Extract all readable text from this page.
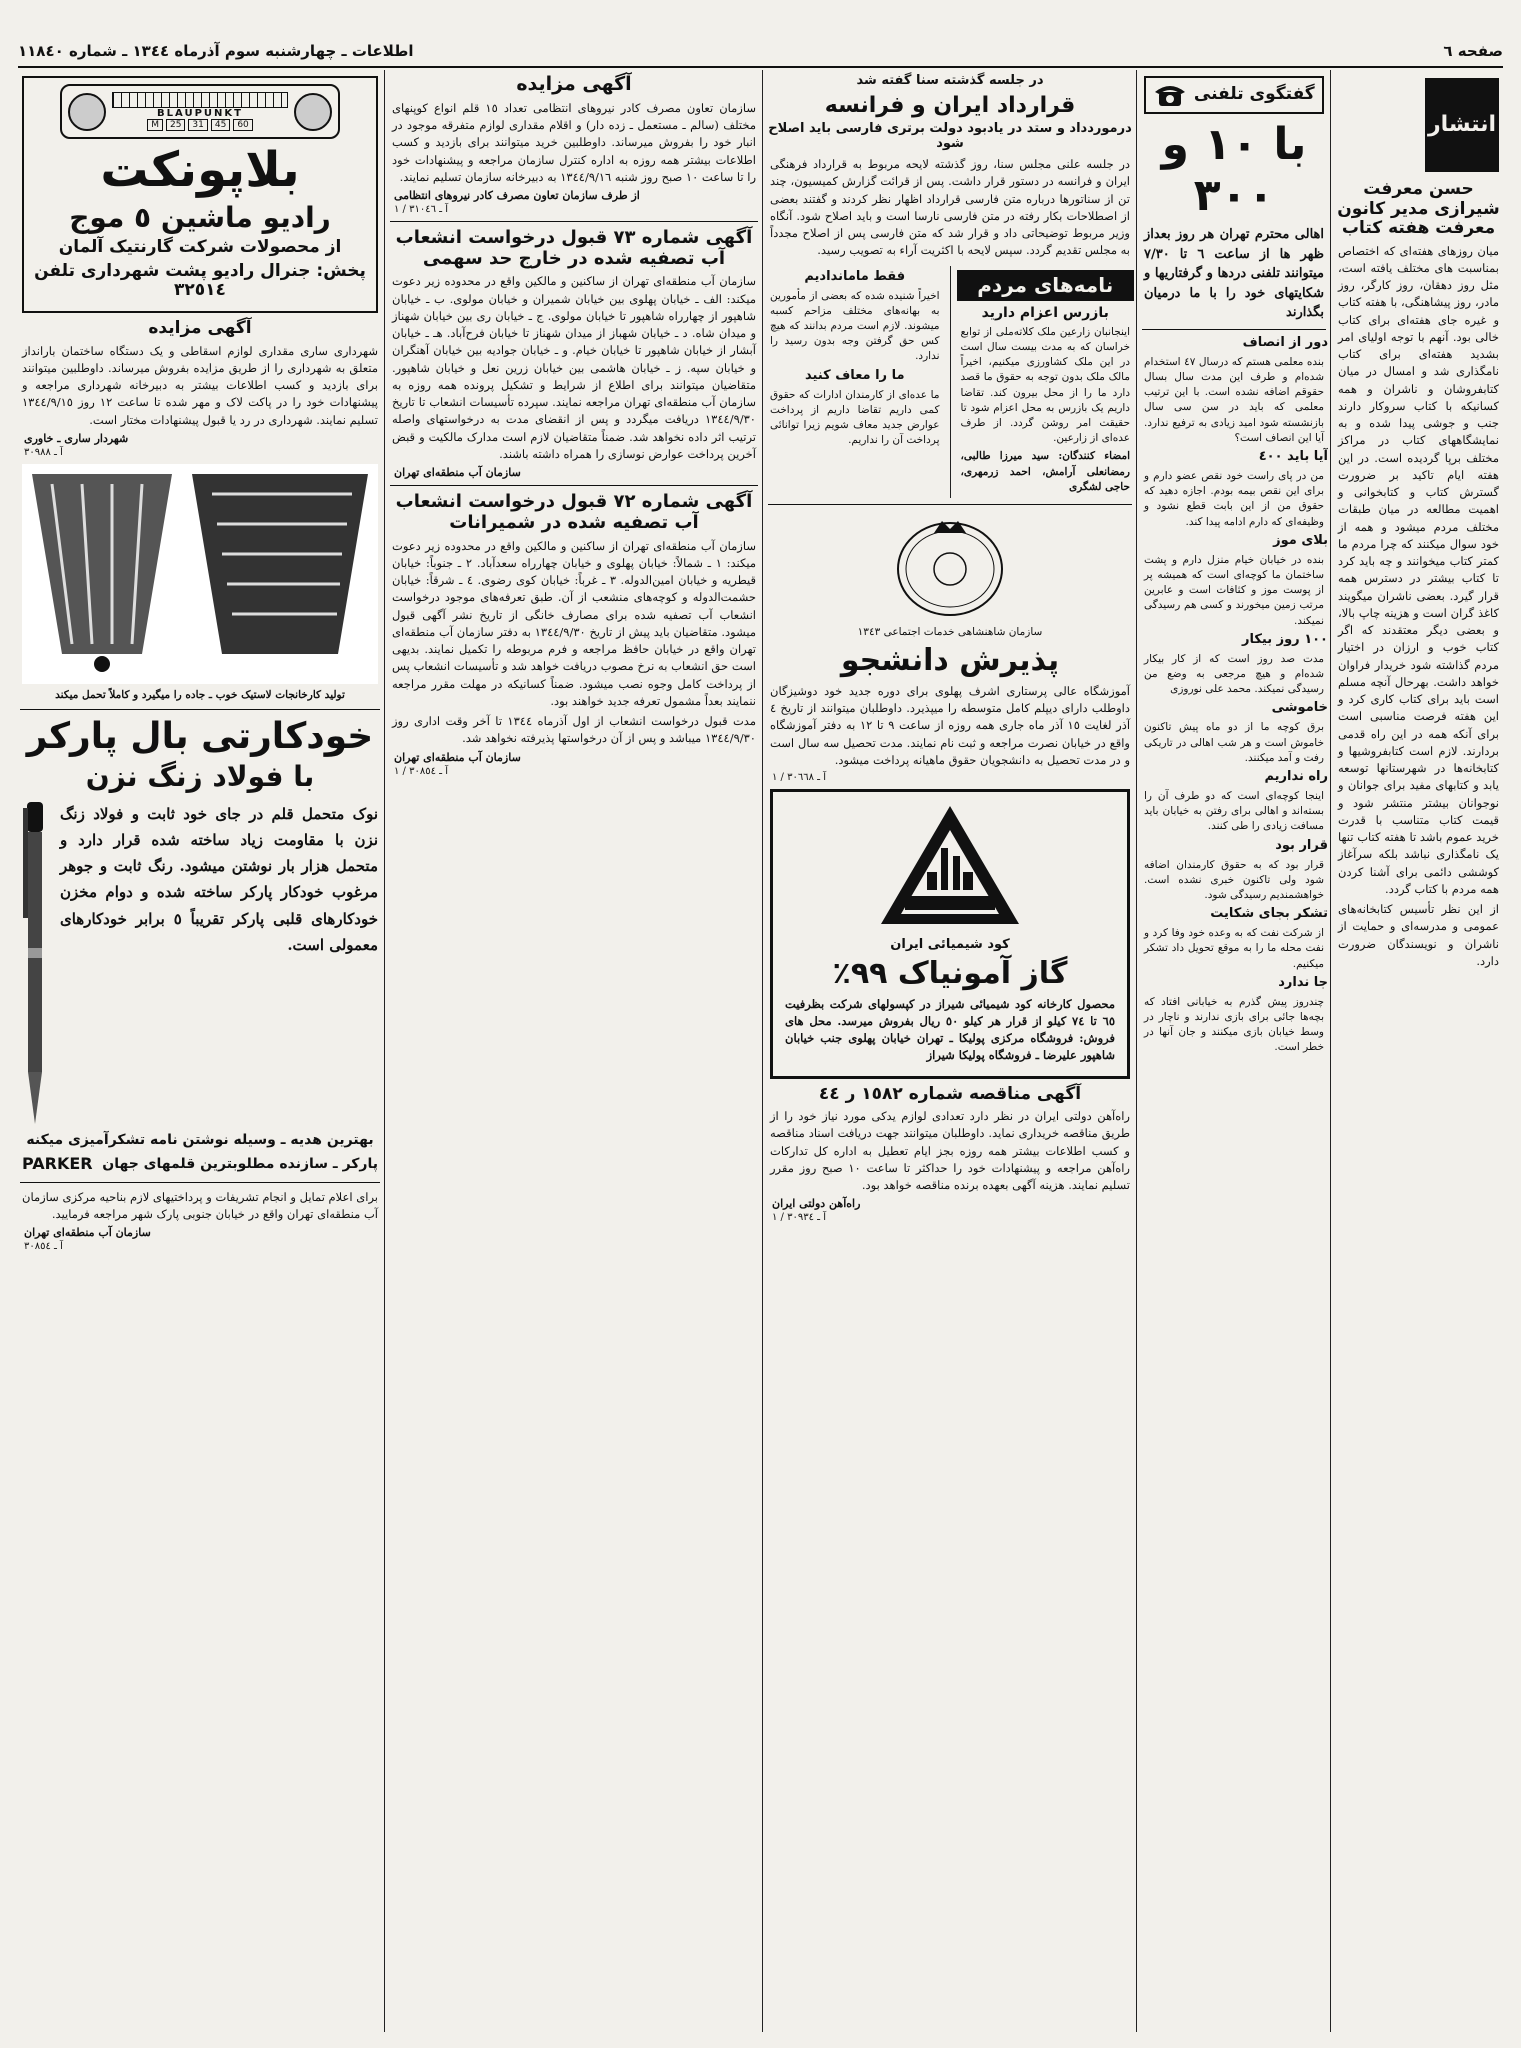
صفحه ٦
اطلاعات ـ چهارشنبه سوم آذرماه ١٣٤٤ ـ شماره ١١٨٤٠
انتشار
حسن معرفت شیرازی مدیر کانون معرفت هفته کتاب
میان روزهای هفته‌ای که اختصاص بمناسبت های مختلف یافته است، مثل روز دهقان، روز کارگر، روز مادر، روز پیشاهنگی، با هفته کتاب و غیره جای هفته‌ای برای کتاب خالی بود. آنهم با توجه اولیای امر بشدید هفته‌ای برای کتاب نامگذاری شد و امسال در میان کتابفروشان و ناشران و همه کسانیکه با کتاب سروکار دارند جنب و جوشی پیدا شده و به نمایشگاههای کتاب در مراکز مختلف برپا گردیده است. در این هفته ایام تاکید بر ضرورت گسترش کتاب و کتابخوانی و اهمیت مطالعه در میان طبقات مختلف مردم میشود و همه از خود سوال میکنند که چرا مردم ما کمتر کتاب میخوانند و چه باید کرد تا کتاب بیشتر در دسترس همه قرار گیرد. بعضی ناشران میگویند کاغذ گران است و هزینه چاپ بالا، و بعضی دیگر معتقدند که اگر کتاب خوب و ارزان در اختیار مردم گذاشته شود خریدار فراوان خواهد داشت. بهرحال آنچه مسلم است باید برای کتاب کاری کرد و این هفته فرصت مناسبی است برای آنکه همه در این راه قدمی بردارند. لازم است کتابفروشیها و کتابخانه‌ها در شهرستانها توسعه یابد و کتابهای مفید برای جوانان و نوجوانان بیشتر منتشر شود و قیمت کتاب متناسب با قدرت خرید عموم باشد تا هفته کتاب تنها یک نامگذاری نباشد بلکه سرآغاز کوششی دائمی برای آشنا کردن همه مردم با کتاب گردد.
از این نظر تأسیس کتابخانه‌های عمومی و مدرسه‌ای و حمایت از ناشران و نویسندگان ضرورت دارد.
گفتگوی تلفنی
با ١٠ و ٣٠٠
اهالی محترم تهران هر روز بعداز ظهر ها از ساعت ٦ تا ٧/٣٠ میتوانند تلفنی دردها و گرفتاریها و شکایتهای خود را با ما درمیان بگذارند
دور از انصاف
بنده معلمی هستم که درسال ٤٧ استخدام شده‌ام و طرف این مدت سال بسال حقوقم اضافه نشده است. با این ترتیب معلمی که باید در سن سی سال بازنشسته شود امید زیادی به ترفیع ندارد. آیا این انصاف است؟
آیا باید ٤٠٠
من در پای راست خود نقص عضو دارم و برای این نقص بیمه بودم. اجازه دهید که حقوق من از این بابت قطع نشود و وظیفه‌ای که دارم ادامه پیدا کند.
بلای موز
بنده در خیابان خیام منزل دارم و پشت ساختمان ما کوچه‌ای است که همیشه پر از پوست موز و کثافات است و عابرین مرتب زمین میخورند و کسی هم رسیدگی نمیکند.
١٠٠ روز بیکار
مدت صد روز است که از کار بیکار شده‌ام و هیچ مرجعی به وضع من رسیدگی نمیکند. محمد علی نوروزی
خاموشی
برق کوچه ما از دو ماه پیش تاکنون خاموش است و هر شب اهالی در تاریکی رفت و آمد میکنند.
راه نداریم
اینجا کوچه‌ای است که دو طرف آن را بسته‌اند و اهالی برای رفتن به خیابان باید مسافت زیادی را طی کنند.
قرار بود
قرار بود که به حقوق کارمندان اضافه شود ولی تاکنون خبری نشده است. خواهشمندیم رسیدگی شود.
تشکر بجای شکایت
از شرکت نفت که به وعده خود وفا کرد و نفت محله ما را به موقع تحویل داد تشکر میکنیم.
جا ندارد
چندروز پیش گذرم به خیابانی افتاد که بچه‌ها جائی برای بازی ندارند و ناچار در وسط خیابان بازی میکنند و جان آنها در خطر است.
در جلسه گذشته سنا گفته شد
قرارداد ایران و فرانسه
درموردداد و ستد در یادبود دولت برتری فارسی باید اصلاح شود
در جلسه علنی مجلس سنا، روز گذشته لایحه مربوط به قرارداد فرهنگی ایران و فرانسه در دستور قرار داشت. پس از قرائت گزارش کمیسیون، چند تن از سناتورها درباره متن فارسی قرارداد اظهار نظر کردند و گفتند بعضی از اصطلاحات بکار رفته در متن فارسی نارسا است و باید اصلاح شود. آنگاه وزیر مربوط توضیحاتی داد و قرار شد که متن فارسی پس از اصلاح مجدداً به مجلس تقدیم گردد. سپس لایحه با اکثریت آراء به تصویب رسید.
نامه‌های مردم
بازرس اعزام دارید
اینجانبان زارعین ملک کلاته‌ملی از توابع خراسان که به مدت بیست سال است در این ملک کشاورزی میکنیم، اخیراً مالک ملک بدون توجه به حقوق ما قصد دارد ما را از محل بیرون کند. تقاضا داریم یک بازرس به محل اعزام شود تا حقیقت امر روشن گردد. از طرف عده‌ای از زارعین.
امضاء کنندگان: سید میرزا طالبی، رمضانعلی آرامش، احمد زرمهری، حاجی لشگری
فقط ماماندادیم
اخیراً شنیده شده که بعضی از مأمورین به بهانه‌های مختلف مزاحم کسبه میشوند. لازم است مردم بدانند که هیچ کس حق گرفتن وجه بدون رسید را ندارد.
ما را معاف کنید
ما عده‌ای از کارمندان ادارات که حقوق کمی داریم تقاضا داریم از پرداخت عوارض جدید معاف شویم زیرا توانائی پرداخت آن را نداریم.
سازمان شاهنشاهی خدمات اجتماعی ١٣٤٣
پذیرش دانشجو
آموزشگاه عالی پرستاری اشرف پهلوی برای دوره جدید خود دوشیزگان داوطلب دارای دیپلم کامل متوسطه را میپذیرد. داوطلبان میتوانند از تاریخ ٤ آذر لغایت ١٥ آذر ماه جاری همه روزه از ساعت ٩ تا ١٢ به دفتر آموزشگاه واقع در خیابان نصرت مراجعه و ثبت نام نمایند. مدت تحصیل سه سال است و در مدت تحصیل به دانشجویان حقوق ماهیانه پرداخت میشود.
آ ـ ٣٠٦٦٨ / ١
کود شیمیائی ایران
گاز آمونیاک ٩٩٪
محصول کارخانه کود شیمیائی شیراز در کپسولهای شرکت بظرفیت ٦٥ تا ٧٤ کیلو از قرار هر کیلو ٥٠ ریال بفروش میرسد. محل های فروش: فروشگاه مرکزی پولیکا ـ تهران خیابان پهلوی جنب خیابان شاهپور علیرضا ـ فروشگاه پولیکا شیراز
آگهی مناقصه شماره ١٥٨٢ ر ٤٤
راه‌آهن دولتی ایران در نظر دارد تعدادی لوازم یدکی مورد نیاز خود را از طریق مناقصه خریداری نماید. داوطلبان میتوانند جهت دریافت اسناد مناقصه و کسب اطلاعات بیشتر همه روزه بجز ایام تعطیل به اداره کل تدارکات راه‌آهن مراجعه و پیشنهادات خود را حداکثر تا ساعت ١٠ صبح روز مقرر تسلیم نمایند. هزینه آگهی بعهده برنده مناقصه خواهد بود.
راه‌آهن دولتی ایران
آ ـ ٣٠٩٣٤ / ١
آگهی مزایده
سازمان تعاون مصرف کادر نیروهای انتظامی تعداد ١٥ قلم انواع کوپنهای مختلف (سالم ـ مستعمل ـ زده دار) و اقلام مقداری لوازم متفرقه موجود در انبار خود را بفروش میرساند. داوطلبین خرید میتوانند برای بازدید و کسب اطلاعات بیشتر همه روزه به اداره کنترل سازمان مراجعه و پیشنهادات خود را تا ساعت ١٠ صبح روز شنبه ١٣٤٤/٩/١٦ به دبیرخانه سازمان تسلیم نمایند.
از طرف سازمان تعاون مصرف کادر نیروهای انتظامی
آ ـ ٣١٠٤٦ / ١
آگهی شماره ٧٣ قبول درخواست انشعاب آب تصفیه شده در خارج حد سهمی
سازمان آب منطقه‌ای تهران از ساکنین و مالکین واقع در محدوده زیر دعوت میکند: الف ـ خیابان پهلوی بین خیابان شمیران و خیابان مولوی. ب ـ خیابان شاهپور از چهارراه شاهپور تا خیابان مولوی. ج ـ خیابان ری بین خیابان شهناز و میدان شاه. د ـ خیابان شهباز از میدان شهناز تا خیابان فرح‌آباد. هـ ـ خیابان آبشار از خیابان شاهپور تا خیابان خیام. و ـ خیابان جوادیه بین خیابان آهنگران و خیابان سپه. ز ـ خیابان هاشمی بین خیابان زرین نعل و خیابان شاهپور. متقاضیان میتوانند برای اطلاع از شرایط و تشکیل پرونده همه روزه به سازمان آب منطقه‌ای تهران مراجعه نمایند. سپرده تأسیسات انشعاب تا تاریخ ١٣٤٤/٩/٣٠ دریافت میگردد و پس از انقضای مدت به درخواستهای واصله ترتیب اثر داده نخواهد شد. ضمناً متقاضیان لازم است مدارک مالکیت و قبض آخرین پرداخت عوارض نوسازی را همراه داشته باشند.
سازمان آب منطقه‌ای تهران
آگهی شماره ٧٢ قبول درخواست انشعاب آب تصفیه شده در شمیرانات
سازمان آب منطقه‌ای تهران از ساکنین و مالکین واقع در محدوده زیر دعوت میکند: ١ ـ شمالاً: خیابان پهلوی و خیابان چهارراه سعدآباد. ٢ ـ جنوباً: خیابان قیطریه و خیابان امین‌الدوله. ٣ ـ غرباً: خیابان کوی رضوی. ٤ ـ شرقاً: خیابان حشمت‌الدوله و کوچه‌های منشعب از آن. طبق تعرفه‌های موجود درخواست انشعاب آب تصفیه شده برای مصارف خانگی از تاریخ نشر آگهی قبول میشود. متقاضیان باید پیش از تاریخ ١٣٤٤/٩/٣٠ به دفتر سازمان آب منطقه‌ای تهران واقع در خیابان حافظ مراجعه و فرم مربوطه را تکمیل نمایند. بدیهی است حق انشعاب به نرخ مصوب دریافت خواهد شد و تأسیسات انشعاب پس از پرداخت کامل وجوه نصب میشود. ضمناً کسانیکه در مهلت مقرر مراجعه ننمایند بعداً مشمول تعرفه جدید خواهند بود.
مدت قبول درخواست انشعاب از اول آذرماه ١٣٤٤ تا آخر وقت اداری روز ١٣٤٤/٩/٣٠ میباشد و پس از آن درخواستها پذیرفته نخواهد شد.
سازمان آب منطقه‌ای تهران
آ ـ ٣٠٨٥٤ / ١
BLAUPUNKT
M	25	31	45	60
بلاپونکت
رادیو ماشین ٥ موج
از محصولات شرکت گارنتیک آلمان
پخش: جنرال رادیو پشت شهرداری تلفن ٣٢٥١٤
آگهی مزایده
شهرداری ساری مقداری لوازم اسقاطی و یک دستگاه ساختمان بارانداز متعلق به شهرداری را از طریق مزایده بفروش میرساند. داوطلبین میتوانند برای بازدید و کسب اطلاعات بیشتر به دبیرخانه شهرداری مراجعه و پیشنهادات خود را در پاکت لاک و مهر شده تا ساعت ١٢ روز ١٣٤٤/٩/١٥ تسلیم نمایند. شهرداری در رد یا قبول پیشنهادات مختار است.
شهردار ساری ـ خاوری
آ ـ ٣٠٩٨٨
تولید کارخانجات لاستیک خوب ـ جاده را میگیرد و کاملاً تحمل میکند
خودکارتی بال پارکر
با فولاد زنگ نزن
نوک متحمل قلم در جای خود ثابت و فولاد زنگ نزن با مقاومت زیاد ساخته شده قرار دارد و متحمل هزار بار نوشتن میشود. رنگ ثابت و جوهر مرغوب خودکار پارکر ساخته شده و دوام مخزن خودکارهای قلبی پارکر تقریباً ٥ برابر خودکارهای معمولی است.
بهترین هدیه ـ وسیله نوشتن نامه تشکرآمیزی میکنه
پارکر ـ سازنده مطلوبترین قلمهای جهان
PARKER
برای اعلام تمایل و انجام تشریفات و پرداختیهای لازم بناحیه مرکزی سازمان آب منطقه‌ای تهران واقع در خیابان جنوبی پارک شهر مراجعه فرمایید.
سازمان آب منطقه‌ای تهران
آ ـ ٣٠٨٥٤
